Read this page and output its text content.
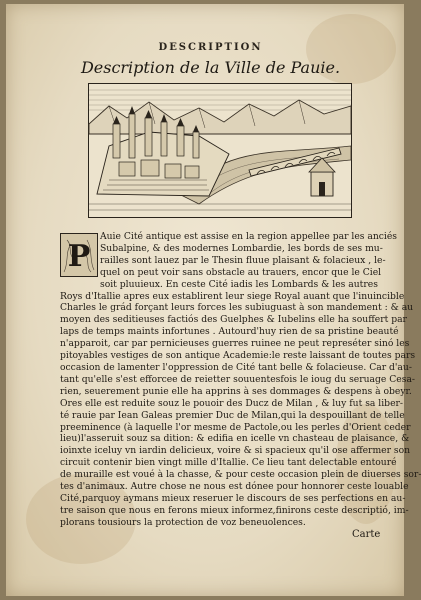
DESCRIPTION
Description de la Ville de Pauie.
P
Auie Cité antique est assise en la region appellee par les anciés
Subalpine, & des modernes Lombardie, les bords de ses mu-
railles sont lauez par le Thesin fluue plaisant & folacieux , le-
quel on peut voir sans obstacle au trauers, encor que le Ciel
soit pluuieux. En ceste Cité iadis les Lombards & les autres
Roys d'Itallie apres eux establirent leur siege Royal auant que l'inuincible
Charles le grád forçant leurs forces les subiuguast à son mandement : & au
moyen des seditieuses factiós des Guelphes & Iubelins elle ha souffert par
laps de temps maints infortunes . Autourd'huy rien de sa pristine beauté
n'apparoit, car par pernicieuses guerres ruinee ne peut represéter sinó les
pitoyables vestiges de son antique Academie:le reste laissant de toutes pars
occasion de lamenter l'oppression de Cité tant belle & folacieuse. Car d'au-
tant qu'elle s'est efforcee de reietter souuentesfois le ioug du seruage Cesa-
rien, seuerement punie elle ha apprins à ses dommages & despens à obeyr.
Ores elle est reduite souz le pouoir des Ducz de Milan , & luy fut sa liber-
té rauie par Iean Galeas premier Duc de Milan,qui la despouillant de telle
preeminence (à laquelle l'or mesme de Pactole,ou les perles d'Orient ceder
lieu)l'asseruit souz sa dition: & edifia en icelle vn chasteau de plaisance, &
ioinxte iceluy vn iardin delicieux, voire & si spacieux qu'il ose affermer son
circuit contenir bien vingt mille d'Itallie. Ce lieu tant delectable entouré
de muraille est voué à la chasse, & pour ceste occasion plein de diuerses sor-
tes d'animaux. Autre chose ne nous est dónee pour honnorer ceste louable
Cité,parquoy aymans mieux reseruer le discours de ses perfections en au-
tre saison que nous en ferons mieux informez,finirons ceste descriptió, im-
plorans tousiours la protection de voz beneuolences.
Carte
